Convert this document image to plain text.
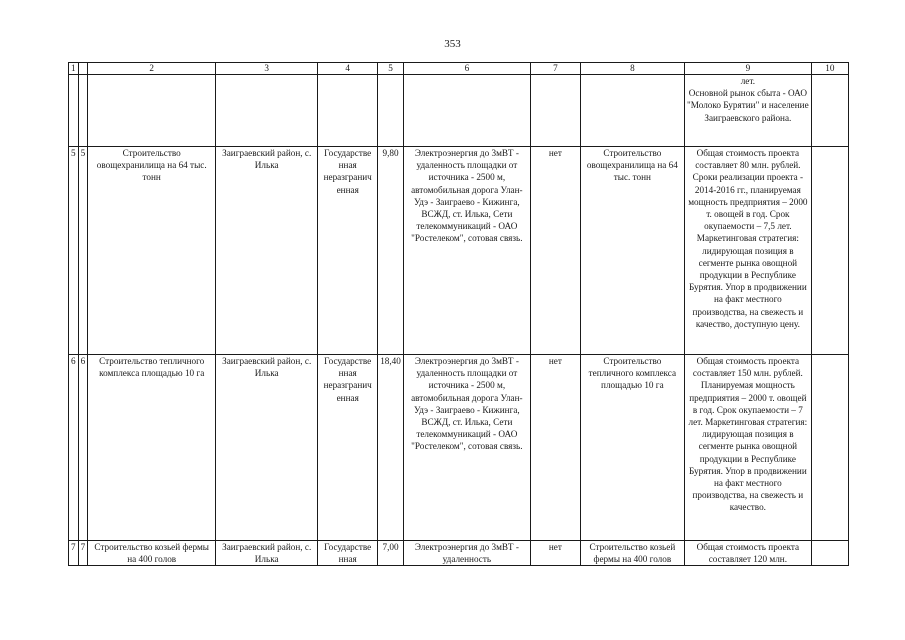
353
1		2	3	4	5	6	7	8	9	10
									лет.
Основной рынок сбыта - ОАО "Молоко Бурятии" и население Заиграевского района.	
5	5	Строительство овощехранилища на 64 тыс. тонн	Заиграевский район, с. Илька	Государстве нная неразгранич енная	9,80	Электроэнергия до 3мВТ - удаленность площадки от источника - 2500 м, автомобильная дорога Улан-Удэ - Заиграево - Кижинга, ВСЖД, ст. Илька, Сети телекоммуникаций - ОАО "Ростелеком", сотовая связь.	нет	Строительство овощехранилища на 64 тыс. тонн	Общая стоимость проекта составляет 80 млн. рублей. Сроки реализации проекта - 2014-2016 гг., планируемая мощность предприятия – 2000 т. овощей в год. Срок окупаемости – 7,5 лет. Маркетинговая стратегия: лидирующая позиция в сегменте рынка овощной продукции в Республике Бурятия. Упор в продвижении на факт местного производства, на свежесть и качество, доступную цену.	
6	6	Строительство тепличного комплекса площадью 10 га	Заиграевский район, с. Илька	Государстве нная неразгранич енная	18,40	Электроэнергия до 3мВТ - удаленность площадки от источника - 2500 м, автомобильная дорога Улан-Удэ - Заиграево - Кижинга, ВСЖД, ст. Илька, Сети телекоммуникаций - ОАО "Ростелеком", сотовая связь.	нет	Строительство тепличного комплекса площадью 10 га	Общая стоимость проекта составляет 150 млн. рублей. Планируемая мощность предприятия – 2000 т. овощей в год. Срок окупаемости – 7 лет. Маркетинговая стратегия: лидирующая позиция в сегменте рынка овощной продукции в Республике Бурятия. Упор в продвижении на факт местного производства, на свежесть и качество.	
7	7	Строительство козьей фермы на 400 голов	Заиграевский район, с. Илька	Государстве нная	7,00	Электроэнергия до 3мВТ - удаленность	нет	Строительство козьей фермы на 400 голов	Общая стоимость проекта составляет 120 млн.	
